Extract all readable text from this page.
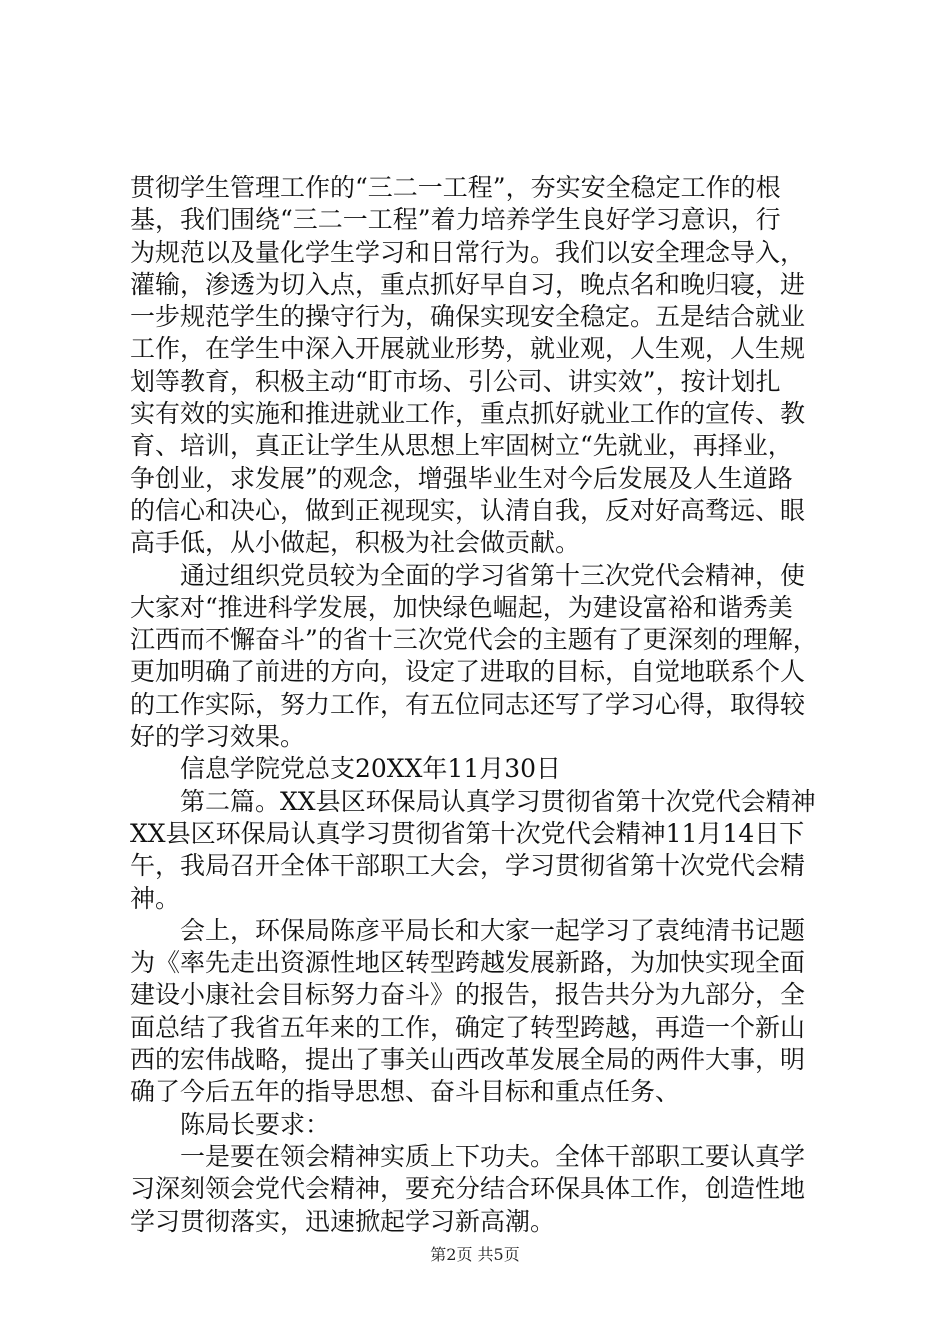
贯彻学生管理工作的“三二一工程”，夯实安全稳定工作的根
基，我们围绕“三二一工程”着力培养学生良好学习意识，行
为规范以及量化学生学习和日常行为。我们以安全理念导入，
灌输，渗透为切入点，重点抓好早自习，晚点名和晚归寝，进
一步规范学生的操守行为，确保实现安全稳定。五是结合就业
工作，在学生中深入开展就业形势，就业观，人生观，人生规
划等教育，积极主动“盯市场、引公司、讲实效”，按计划扎
实有效的实施和推进就业工作，重点抓好就业工作的宣传、教
育、培训，真正让学生从思想上牢固树立“先就业，再择业，
争创业，求发展”的观念，增强毕业生对今后发展及人生道路
的信心和决心，做到正视现实，认清自我，反对好高骛远、眼
高手低，从小做起，积极为社会做贡献。
　　通过组织党员较为全面的学习省第十三次党代会精神，使
大家对“推进科学发展，加快绿色崛起，为建设富裕和谐秀美
江西而不懈奋斗”的省十三次党代会的主题有了更深刻的理解，
更加明确了前进的方向，设定了进取的目标，自觉地联系个人
的工作实际，努力工作，有五位同志还写了学习心得，取得较
好的学习效果。
　　信息学院党总支20XX年11月30日
　　第二篇。XX县区环保局认真学习贯彻省第十次党代会精神
XX县区环保局认真学习贯彻省第十次党代会精神11月14日下
午，我局召开全体干部职工大会，学习贯彻省第十次党代会精
神。
　　会上，环保局陈彦平局长和大家一起学习了袁纯清书记题
为《率先走出资源性地区转型跨越发展新路，为加快实现全面
建设小康社会目标努力奋斗》的报告，报告共分为九部分，全
面总结了我省五年来的工作，确定了转型跨越，再造一个新山
西的宏伟战略，提出了事关山西改革发展全局的两件大事，明
确了今后五年的指导思想、奋斗目标和重点任务、
　　陈局长要求：
　　一是要在领会精神实质上下功夫。全体干部职工要认真学
习深刻领会党代会精神，要充分结合环保具体工作，创造性地
学习贯彻落实，迅速掀起学习新高潮。
第2页 共5页
